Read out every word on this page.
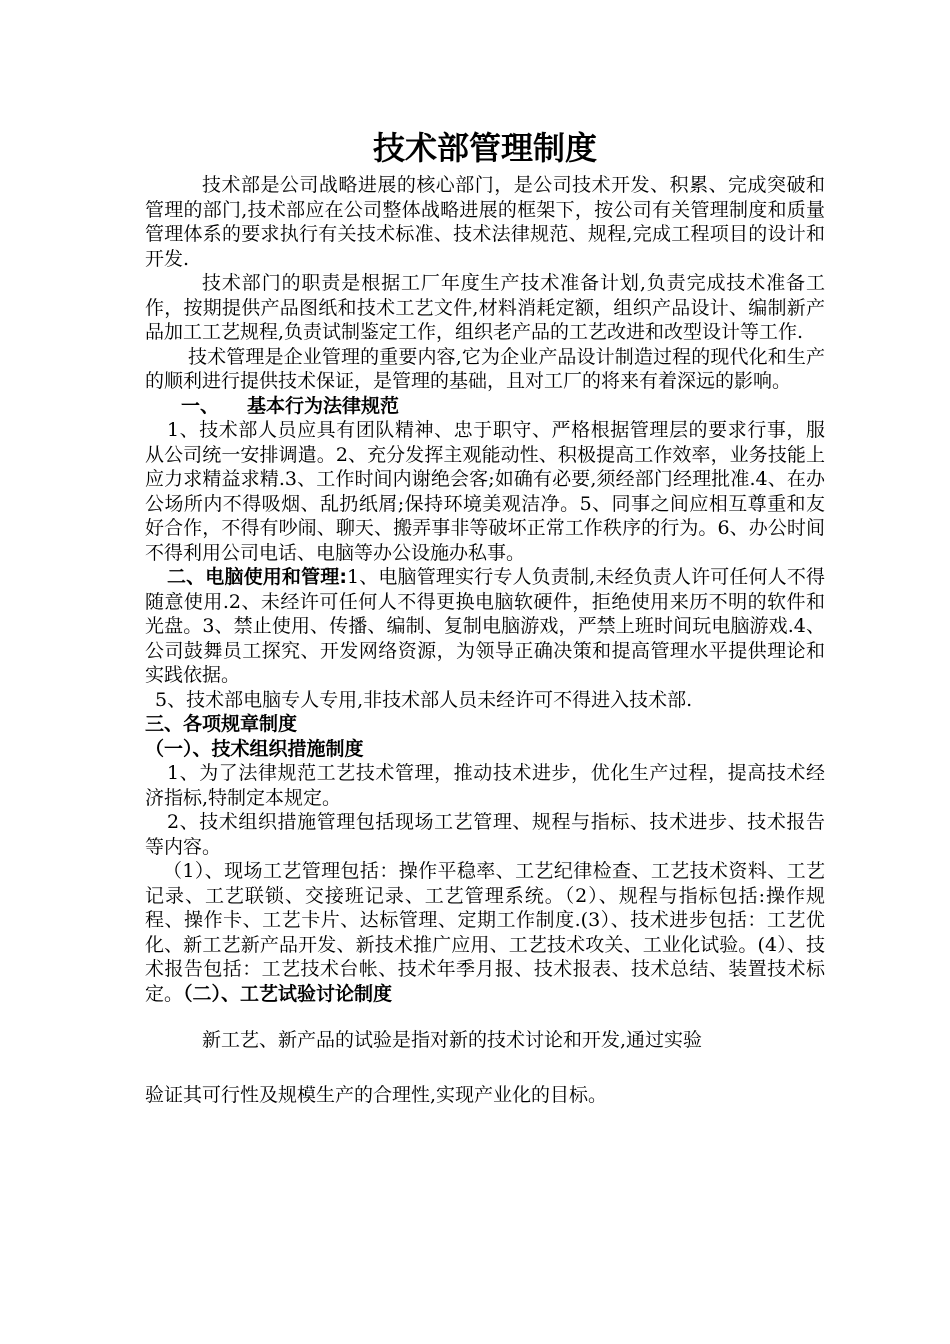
技术部管理制度

技术部是公司战略进展的核心部门，是公司技术开发、积累、完成突破和管理的部门,技术部应在公司整体战略进展的框架下，按公司有关管理制度和质量管理体系的要求执行有关技术标准、技术法律规范、规程,完成工程项目的设计和开发.

技术部门的职责是根据工厂年度生产技术准备计划,负责完成技术准备工作，按期提供产品图纸和技术工艺文件,材料消耗定额，组织产品设计、编制新产品加工工艺规程,负责试制鉴定工作，组织老产品的工艺改进和改型设计等工作.

技术管理是企业管理的重要内容,它为企业产品设计制造过程的现代化和生产的顺利进行提供技术保证，是管理的基础，且对工厂的将来有着深远的影响。

一、 基本行为法律规范

1、技术部人员应具有团队精神、忠于职守、严格根据管理层的要求行事，服从公司统一安排调遣。2、充分发挥主观能动性、积极提高工作效率，业务技能上应力求精益求精.3、工作时间内谢绝会客;如确有必要,须经部门经理批准.4、在办公场所内不得吸烟、乱扔纸屑;保持环境美观洁净。5、同事之间应相互尊重和友好合作，不得有吵闹、聊天、搬弄事非等破坏正常工作秩序的行为。6、办公时间不得利用公司电话、电脑等办公设施办私事。

二、电脑使用和管理:1、电脑管理实行专人负责制,未经负责人许可任何人不得随意使用.2、未经许可任何人不得更换电脑软硬件，拒绝使用来历不明的软件和光盘。3、禁止使用、传播、编制、复制电脑游戏，严禁上班时间玩电脑游戏.4、公司鼓舞员工探究、开发网络资源，为领导正确决策和提高管理水平提供理论和实践依据。

5、技术部电脑专人专用,非技术部人员未经许可不得进入技术部.

三、各项规章制度

（一）、技术组织措施制度

1、为了法律规范工艺技术管理，推动技术进步，优化生产过程，提高技术经济指标,特制定本规定。

2、技术组织措施管理包括现场工艺管理、规程与指标、技术进步、技术报告等内容。

（1）、现场工艺管理包括：操作平稳率、工艺纪律检查、工艺技术资料、工艺记录、工艺联锁、交接班记录、工艺管理系统。（2）、规程与指标包括:操作规程、操作卡、工艺卡片、达标管理、定期工作制度.(3）、技术进步包括：工艺优化、新工艺新产品开发、新技术推广应用、工艺技术攻关、工业化试验。(4）、技术报告包括：工艺技术台帐、技术年季月报、技术报表、技术总结、装置技术标定。（二）、工艺试验讨论制度

新工艺、新产品的试验是指对新的技术讨论和开发,通过实验

验证其可行性及规模生产的合理性,实现产业化的目标。
